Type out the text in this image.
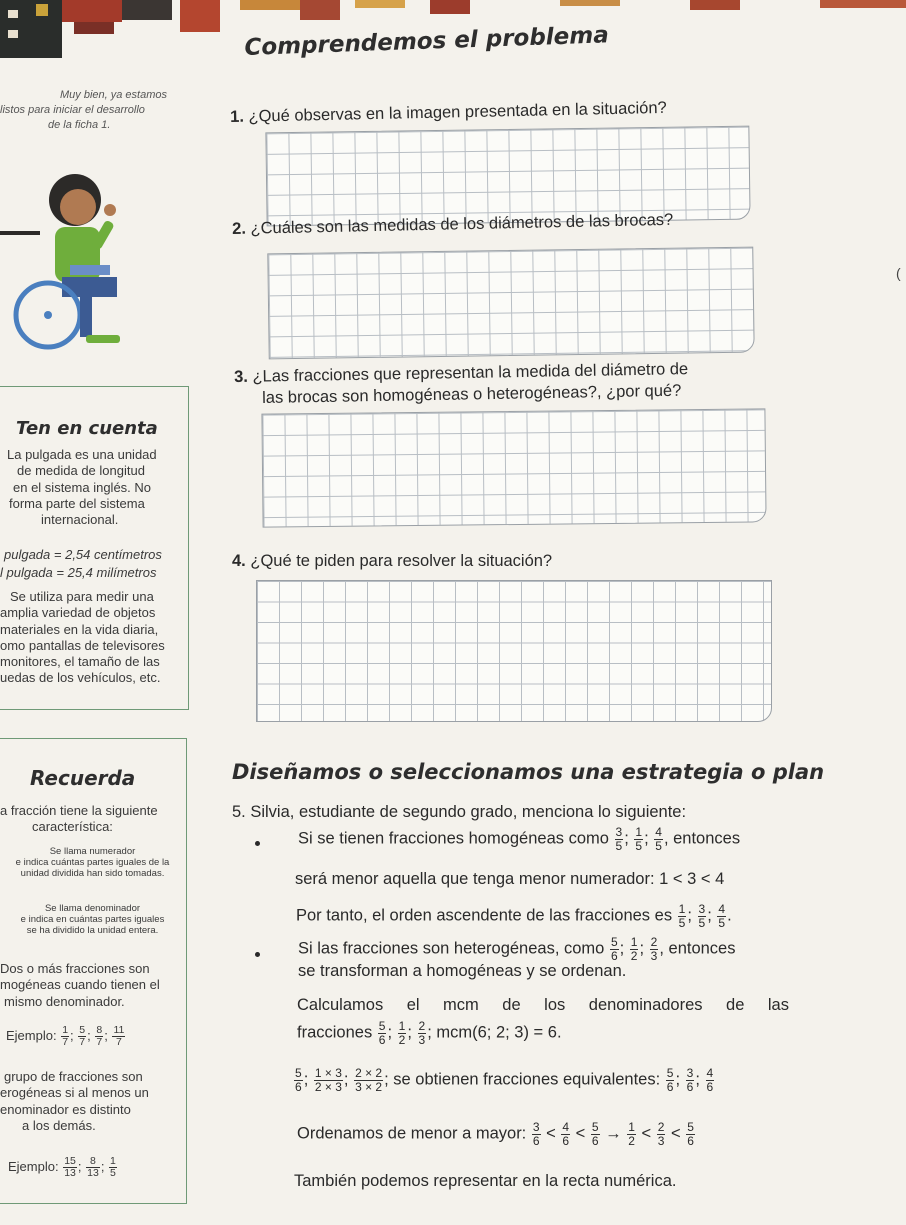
Comprendemos el problema
Muy bien, ya estamos
listos para iniciar el desarrollo
de la ficha 1.	1. ¿Qué observas en la imagen presentada en la situación?
2. ¿Cuáles son las medidas de los diámetros de las brocas?
Ten en cuenta
La pulgada es una unidad
de medida de longitud
en el sistema inglés. No
forma parte del sistema
internacional.
pulgada = 2,54 centímetros
l pulgada = 25,4 milímetros
Se utiliza para medir una
amplia variedad de objetos
materiales en la vida diaria,
omo pantallas de televisores
monitores, el tamaño de las
uedas de los vehículos, etc.
3. ¿Las fracciones que representan la medida del diámetro de
las brocas son homogéneas o heterogéneas?, ¿por qué?
4. ¿Qué te piden para resolver la situación?
Recuerda
a fracción tiene la siguiente
característica:
Se llama numerador
e indica cuántas partes iguales de la
unidad dividida han sido tomadas.
Se llama denominador
e indica en cuántas partes iguales
se ha dividido la unidad entera.
Dos o más fracciones son
mogéneas cuando tienen el
mismo denominador.
Ejemplo: $\frac{1}{7}$ ; $\frac{5}{7}$ ; $\frac{8}{7}$ ; $\frac{11}{7}$
grupo de fracciones son
erogéneas si al menos un
enominador es distinto
a los demás.
Ejemplo: $\frac{15}{13}$ ; $\frac{8}{13}$ ; $\frac{1}{5}$
Diseñamos o seleccionamos una estrategia o plan
5. Silvia, estudiante de segundo grado, menciona lo siguiente:
Si se tienen fracciones homogéneas como $\frac{3}{5}$ ; $\frac{1}{5}$ ; $\frac{4}{5}$ , entonces
será menor aquella que tenga menor numerador: 1 < 3 < 4
Por tanto, el orden ascendente de las fracciones es $\frac{1}{5}$ ; $\frac{3}{5}$ ; $\frac{4}{5}$ .
Si las fracciones son heterogéneas, como $\frac{5}{6}$ ; $\frac{1}{2}$ ; $\frac{2}{3}$ , entonces
se transforman a homogéneas y se ordenan.
Calculamos el mcm de los denominadores de las
fracciones $\frac{5}{6}$ ; $\frac{1}{2}$ ; $\frac{2}{3}$ ; mcm(6; 2; 3) = 6.
$\frac{5}{6}$ ; $\frac{1 \times 3}{2 \times 3}$ ; $\frac{2 \times 2}{3 \times 2}$ ; se obtienen fracciones equivalentes: $\frac{5}{6}$ ; $\frac{3}{6}$ ; $\frac{4}{6}$
Ordenamos de menor a mayor: $\frac{3}{6} < \frac{4}{6} < \frac{5}{6} \to \frac{1}{2} < \frac{2}{3} < \frac{5}{6}$
También podemos representar en la recta numérica.
(
